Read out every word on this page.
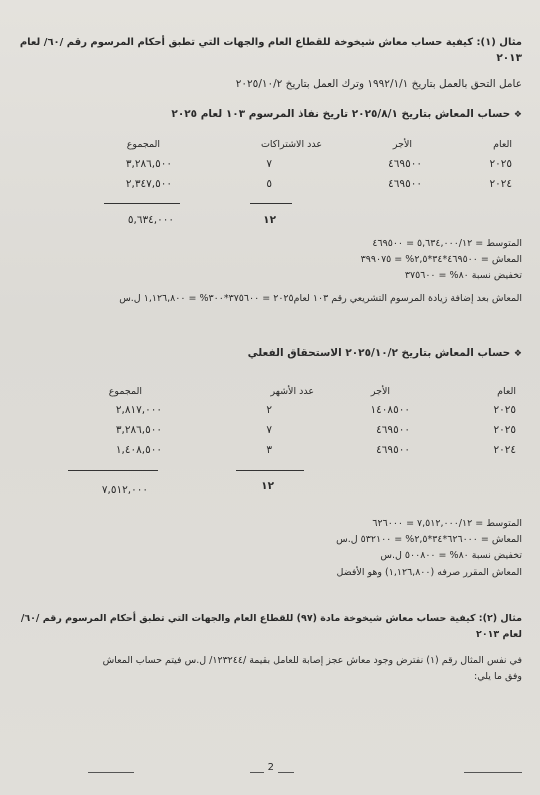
مثال (١): كيفية حساب معاش شيخوخة للقطاع العام والجهات التي تطبق أحكام المرسوم رقم /٦٠/ لعام
٢٠١٣
عامل التحق بالعمل بتاريخ ١٩٩٢/١/١ وترك العمل بتاريخ ٢٠٢٥/١٠/٢
❖ حساب المعاش بتاريخ ٢٠٢٥/٨/١ تاريخ نفاذ المرسوم ١٠٣ لعام ٢٠٢٥
العام
الأجر
عدد الاشتراكات
المجموع
٢٠٢٥
٤٦٩٥٠٠
٧
٣,٢٨٦,٥٠٠
٢٠٢٤
٤٦٩٥٠٠
٥
٢,٣٤٧,٥٠٠
١٢
٥,٦٣٤,٠٠٠
المتوسط = ٥,٦٣٤,٠٠٠/١٢ = ٤٦٩٥٠٠
المعاش = ٤٦٩٥٠٠*٣٤*٢,٥% = ٣٩٩٠٧٥
تخفيض نسبة ٨٠% = ٣٧٥٦٠٠
المعاش بعد إضافة زيادة المرسوم التشريعي رقم ١٠٣ لعام٢٠٢٥ = ٣٧٥٦٠٠*٣٠٠% = ١,١٢٦,٨٠٠ ل.س
❖ حساب المعاش بتاريخ ٢٠٢٥/١٠/٢ الاستحقاق الفعلي
العام
الأجر
عدد الأشهر
المجموع
٢٠٢٥
١٤٠٨٥٠٠
٢
٢,٨١٧,٠٠٠
٢٠٢٥
٤٦٩٥٠٠
٧
٣,٢٨٦,٥٠٠
٢٠٢٤
٤٦٩٥٠٠
٣
١,٤٠٨,٥٠٠
١٢
٧,٥١٢,٠٠٠
المتوسط = ٧,٥١٢,٠٠٠/١٢ = ٦٢٦٠٠٠
المعاش = ٦٢٦٠٠٠*٣٤*٢,٥% = ٥٣٢١٠٠ ل.س
تخفيض نسبة ٨٠% = ٥٠٠٨٠٠ ل.س
المعاش المقرر صرفه (١,١٢٦,٨٠٠) وهو الأفضل
مثال (٢): كيفية حساب معاش شيخوخة مادة (٩٧) للقطاع العام والجهات التي تطبق أحكام المرسوم رقم /٦٠/
لعام ٢٠١٣
في نفس المثال رقم (١) نفترض وجود معاش عجز إصابة للعامل بقيمة /١٢٣٢٤٤/ ل.س فيتم حساب المعاش
وفق ما يلي:
2
